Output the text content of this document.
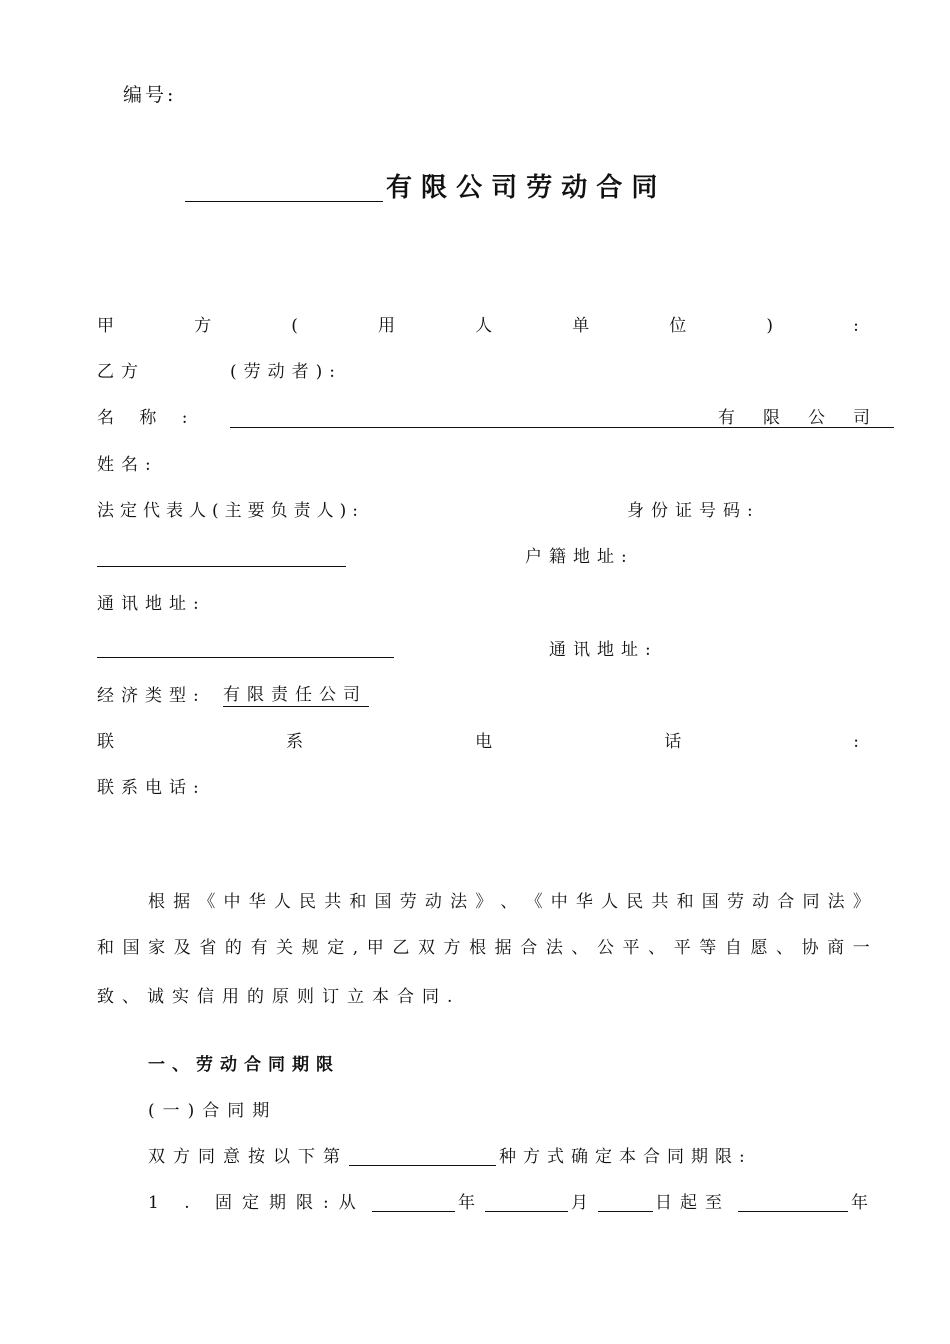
编号:
有 限 公 司 劳 动 合 同
甲	方	(	用	人	单	位	)	:
乙方	(劳动者):
名 称 :	有 限 公 司
姓名:
法定代表人(主要负责人):	身份证号码:
户籍地址:
通讯地址:
通讯地址:
经济类型: 有限责任公司
联	系	电	话	:
联系电话:
根 据 《 中 华 人 民 共 和 国 劳 动 法 》 、 《 中 华 人 民 共 和 国 劳 动 合 同 法 》
和 国 家 及 省 的 有 关 规 定 , 甲 乙 双 方 根 据 合 法 、 公 平 、 平 等 自 愿 、 协 商 一
致、诚实信用的原则订立本合同.
一、劳动合同期限
(一)合同期
双方同意按以下第	种方式确定本合同期限:
1 . 固定期限:从	年	月	日起至	年
